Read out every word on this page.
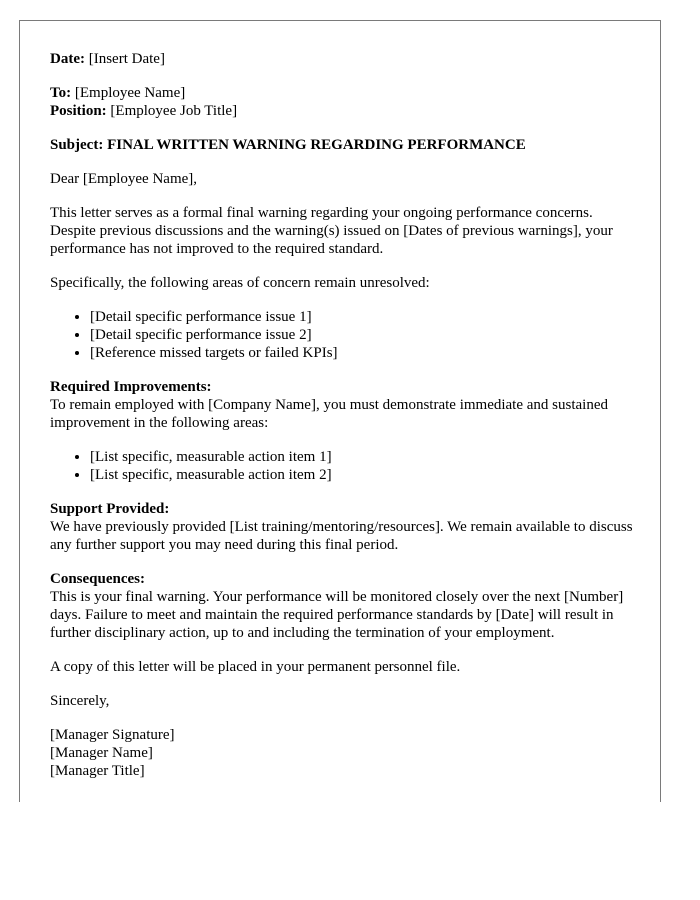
Date: [Insert Date]

To: [Employee Name]
Position: [Employee Job Title]

Subject: FINAL WRITTEN WARNING REGARDING PERFORMANCE

Dear [Employee Name],

This letter serves as a formal final warning regarding your ongoing performance concerns. Despite previous discussions and the warning(s) issued on [Dates of previous warnings], your performance has not improved to the required standard.

Specifically, the following areas of concern remain unresolved:

• [Detail specific performance issue 1]
• [Detail specific performance issue 2]
• [Reference missed targets or failed KPIs]

Required Improvements:
To remain employed with [Company Name], you must demonstrate immediate and sustained improvement in the following areas:

• [List specific, measurable action item 1]
• [List specific, measurable action item 2]

Support Provided:
We have previously provided [List training/mentoring/resources]. We remain available to discuss any further support you may need during this final period.

Consequences:
This is your final warning. Your performance will be monitored closely over the next [Number] days. Failure to meet and maintain the required performance standards by [Date] will result in further disciplinary action, up to and including the termination of your employment.

A copy of this letter will be placed in your permanent personnel file.

Sincerely,

[Manager Signature]
[Manager Name]
[Manager Title]
